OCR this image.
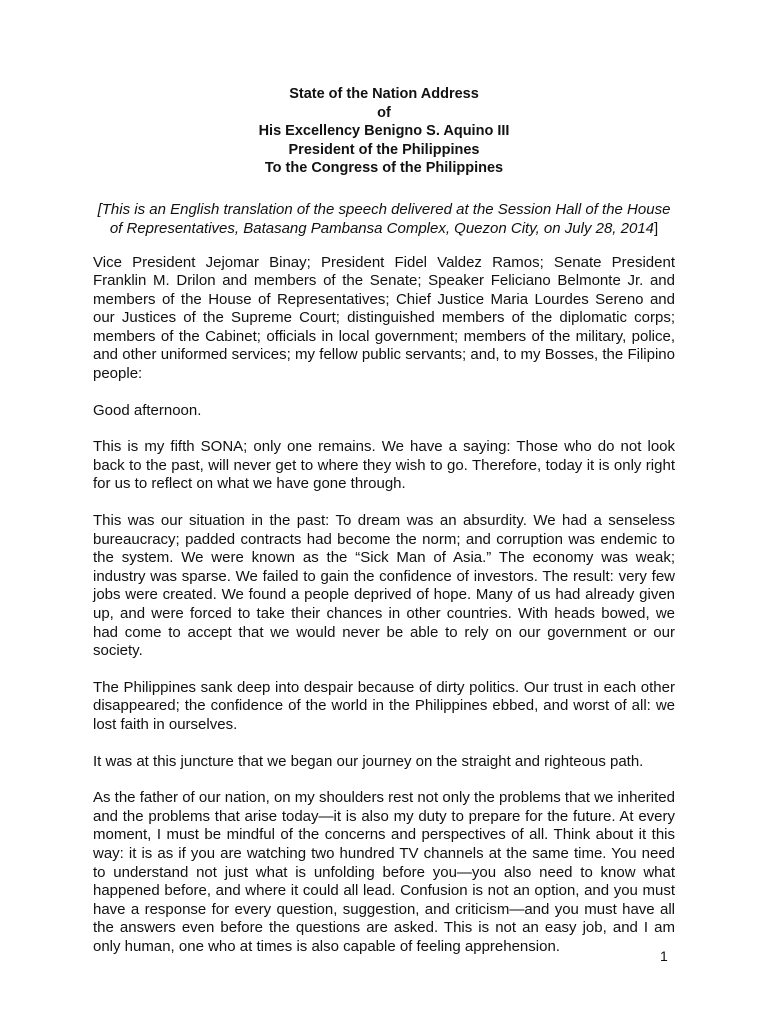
State of the Nation Address
of
His Excellency Benigno S. Aquino III
President of the Philippines
To the Congress of the Philippines

[This is an English translation of the speech delivered at the Session Hall of the House of Representatives, Batasang Pambansa Complex, Quezon City, on July 28, 2014]

Vice President Jejomar Binay; President Fidel Valdez Ramos; Senate President Franklin M. Drilon and members of the Senate; Speaker Feliciano Belmonte Jr. and members of the House of Representatives; Chief Justice Maria Lourdes Sereno and our Justices of the Supreme Court; distinguished members of the diplomatic corps; members of the Cabinet; officials in local government; members of the military, police, and other uniformed services; my fellow public servants; and, to my Bosses, the Filipino people:

Good afternoon.

This is my fifth SONA; only one remains. We have a saying: Those who do not look back to the past, will never get to where they wish to go. Therefore, today it is only right for us to reflect on what we have gone through.

This was our situation in the past: To dream was an absurdity. We had a senseless bureaucracy; padded contracts had become the norm; and corruption was endemic to the system. We were known as the “Sick Man of Asia.” The economy was weak; industry was sparse. We failed to gain the confidence of investors. The result: very few jobs were created. We found a people deprived of hope. Many of us had already given up, and were forced to take their chances in other countries. With heads bowed, we had come to accept that we would never be able to rely on our government or our society.

The Philippines sank deep into despair because of dirty politics. Our trust in each other disappeared; the confidence of the world in the Philippines ebbed, and worst of all: we lost faith in ourselves.

It was at this juncture that we began our journey on the straight and righteous path.

As the father of our nation, on my shoulders rest not only the problems that we inherited and the problems that arise today—it is also my duty to prepare for the future. At every moment, I must be mindful of the concerns and perspectives of all. Think about it this way: it is as if you are watching two hundred TV channels at the same time. You need to understand not just what is unfolding before you—you also need to know what happened before, and where it could all lead. Confusion is not an option, and you must have a response for every question, suggestion, and criticism—and you must have all the answers even before the questions are asked. This is not an easy job, and I am only human, one who at times is also capable of feeling apprehension.

1
